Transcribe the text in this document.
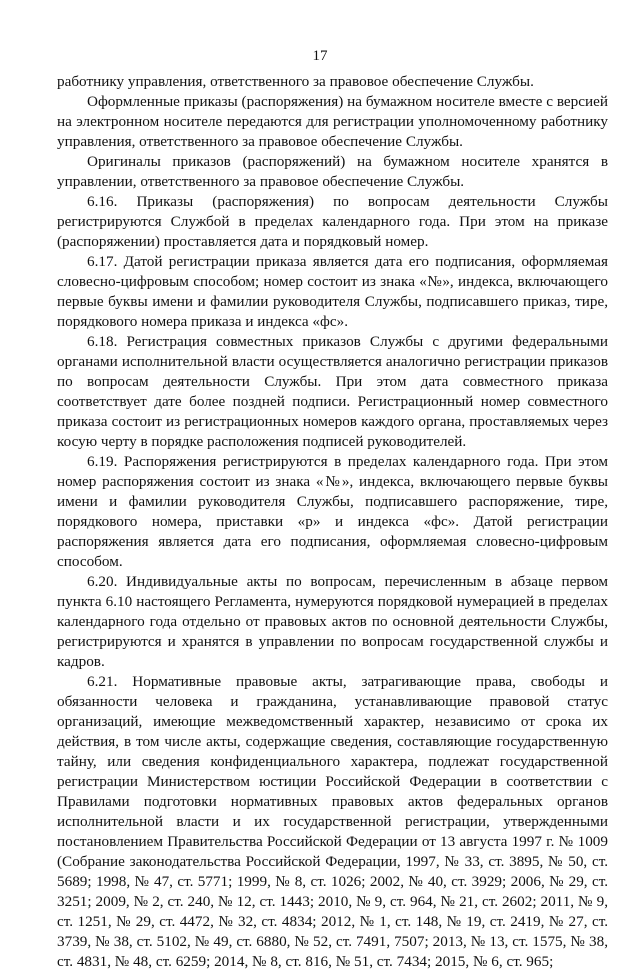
17

работнику управления, ответственного за правовое обеспечение Службы.

Оформленные приказы (распоряжения) на бумажном носителе вместе с версией на электронном носителе передаются для регистрации уполномоченному работнику управления, ответственного за правовое обеспечение Службы.

Оригиналы приказов (распоряжений) на бумажном носителе хранятся в управлении, ответственного за правовое обеспечение Службы.

6.16. Приказы (распоряжения) по вопросам деятельности Службы регистрируются Службой в пределах календарного года. При этом на приказе (распоряжении) проставляется дата и порядковый номер.

6.17. Датой регистрации приказа является дата его подписания, оформляемая словесно-цифровым способом; номер состоит из знака «№», индекса, включающего первые буквы имени и фамилии руководителя Службы, подписавшего приказ, тире, порядкового номера приказа и индекса «фс».

6.18. Регистрация совместных приказов Службы с другими федеральными органами исполнительной власти осуществляется аналогично регистрации приказов по вопросам деятельности Службы. При этом дата совместного приказа соответствует дате более поздней подписи. Регистрационный номер совместного приказа состоит из регистрационных номеров каждого органа, проставляемых через косую черту в порядке расположения подписей руководителей.

6.19. Распоряжения регистрируются в пределах календарного года. При этом номер распоряжения состоит из знака «№», индекса, включающего первые буквы имени и фамилии руководителя Службы, подписавшего распоряжение, тире, порядкового номера, приставки «р» и индекса «фс». Датой регистрации распоряжения является дата его подписания, оформляемая словесно-цифровым способом.

6.20. Индивидуальные акты по вопросам, перечисленным в абзаце первом пункта 6.10 настоящего Регламента, нумеруются порядковой нумерацией в пределах календарного года отдельно от правовых актов по основной деятельности Службы, регистрируются и хранятся в управлении по вопросам государственной службы и кадров.

6.21. Нормативные правовые акты, затрагивающие права, свободы и обязанности человека и гражданина, устанавливающие правовой статус организаций, имеющие межведомственный характер, независимо от срока их действия, в том числе акты, содержащие сведения, составляющие государственную тайну, или сведения конфиденциального характера, подлежат государственной регистрации Министерством юстиции Российской Федерации в соответствии с Правилами подготовки нормативных правовых актов федеральных органов исполнительной власти и их государственной регистрации, утвержденными постановлением Правительства Российской Федерации от 13 августа 1997 г. № 1009 (Собрание законодательства Российской Федерации, 1997, № 33, ст. 3895, № 50, ст. 5689; 1998, № 47, ст. 5771; 1999, № 8, ст. 1026; 2002, № 40, ст. 3929; 2006, № 29, ст. 3251; 2009, № 2, ст. 240, № 12, ст. 1443; 2010, № 9, ст. 964, № 21, ст. 2602; 2011, № 9, ст. 1251, № 29, ст. 4472, № 32, ст. 4834; 2012, № 1, ст. 148, № 19, ст. 2419, № 27, ст. 3739, № 38, ст. 5102, № 49, ст. 6880, № 52, ст. 7491, 7507; 2013, № 13, ст. 1575, № 38, ст. 4831, № 48, ст. 6259; 2014, № 8, ст. 816, № 51, ст. 7434; 2015, № 6, ст. 965;
